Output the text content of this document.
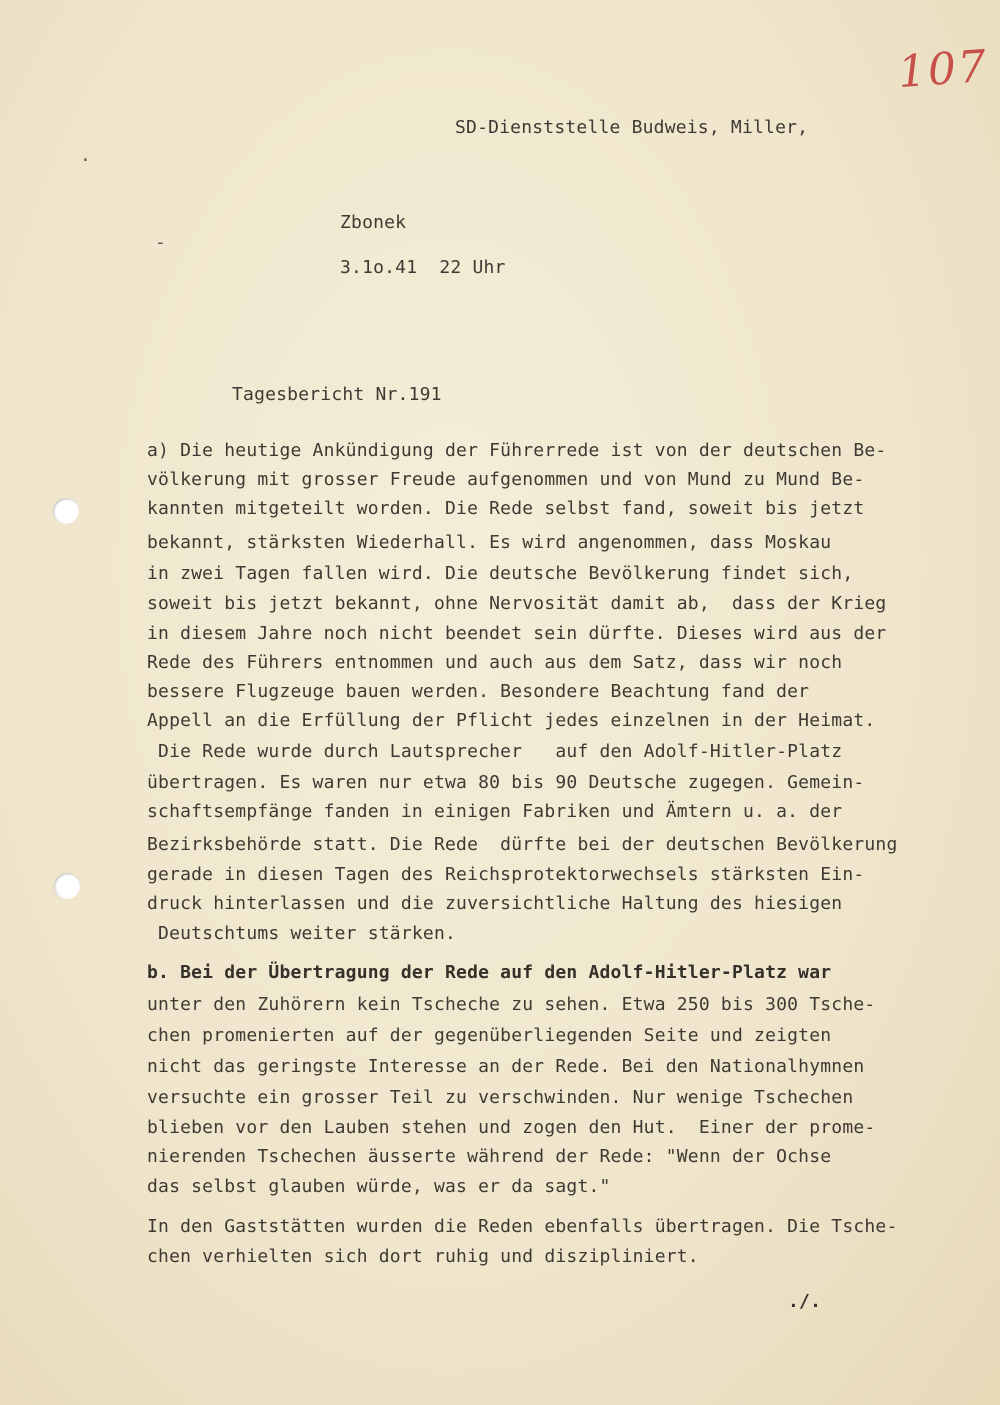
107
·
-
SD-Dienststelle Budweis, Miller,
Zbonek
3.1o.41  22 Uhr
Tagesbericht Nr.191
a) Die heutige Ankündigung der Führerrede ist von der deutschen Be-
völkerung mit grosser Freude aufgenommen und von Mund zu Mund Be-
kannten mitgeteilt worden. Die Rede selbst fand, soweit bis jetzt
bekannt, stärksten Wiederhall. Es wird angenommen, dass Moskau
in zwei Tagen fallen wird. Die deutsche Bevölkerung findet sich,
soweit bis jetzt bekannt, ohne Nervosität damit ab,  dass der Krieg
in diesem Jahre noch nicht beendet sein dürfte. Dieses wird aus der
Rede des Führers entnommen und auch aus dem Satz, dass wir noch
bessere Flugzeuge bauen werden. Besondere Beachtung fand der
Appell an die Erfüllung der Pflicht jedes einzelnen in der Heimat.
Die Rede wurde durch Lautsprecher   auf den Adolf-Hitler-Platz
übertragen. Es waren nur etwa 80 bis 90 Deutsche zugegen. Gemein-
schaftsempfänge fanden in einigen Fabriken und Ämtern u. a. der
Bezirksbehörde statt. Die Rede  dürfte bei der deutschen Bevölkerung
gerade in diesen Tagen des Reichsprotektorwechsels stärksten Ein-
druck hinterlassen und die zuversichtliche Haltung des hiesigen
Deutschtums weiter stärken.
b. Bei der Übertragung der Rede auf den Adolf-Hitler-Platz war
unter den Zuhörern kein Tscheche zu sehen. Etwa 250 bis 300 Tsche-
chen promenierten auf der gegenüberliegenden Seite und zeigten
nicht das geringste Interesse an der Rede. Bei den Nationalhymnen
versuchte ein grosser Teil zu verschwinden. Nur wenige Tschechen
blieben vor den Lauben stehen und zogen den Hut.  Einer der prome-
nierenden Tschechen äusserte während der Rede: "Wenn der Ochse
das selbst glauben würde, was er da sagt."
In den Gaststätten wurden die Reden ebenfalls übertragen. Die Tsche-
chen verhielten sich dort ruhig und diszipliniert.
./.
